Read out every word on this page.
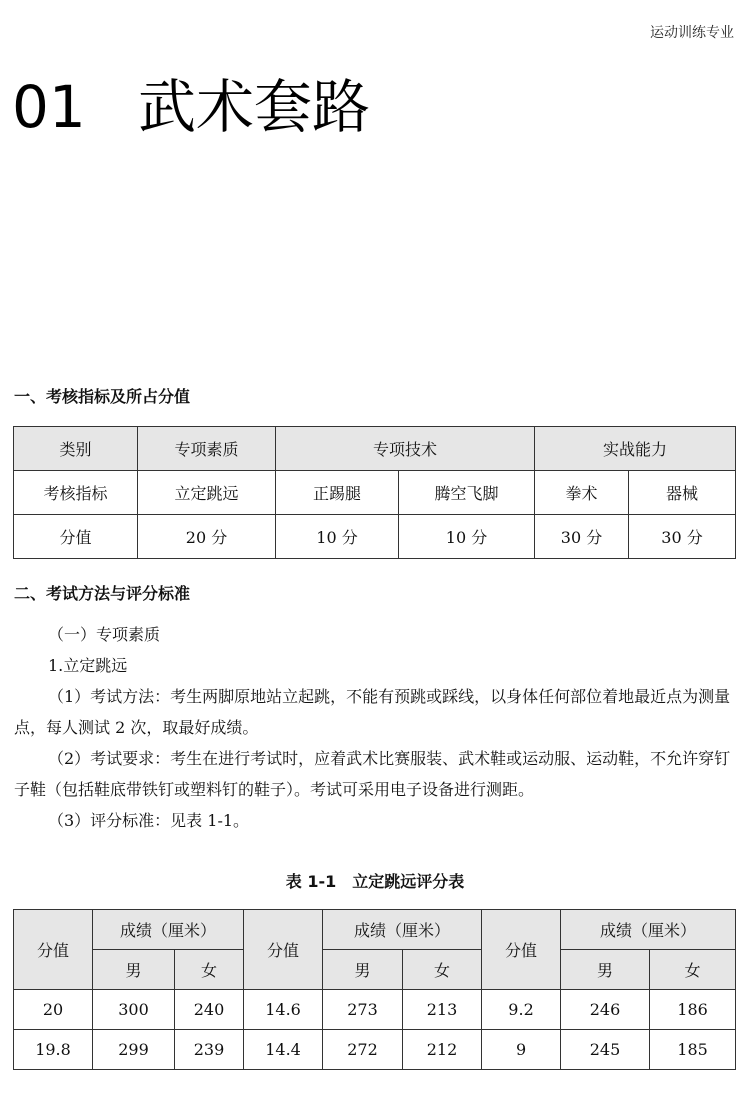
运动训练专业
01 武术套路
一、考核指标及所占分值
类别	专项素质	专项技术		实战能力	
考核指标	立定跳远	正踢腿	腾空飞脚	拳术	器械
分值	20 分	10 分	10 分	30 分	30 分
二、考试方法与评分标准

（一）专项素质

1.立定跳远

（1）考试方法：考生两脚原地站立起跳，不能有预跳或踩线，以身体任何部位着地最近点为测量点，每人测试 2 次，取最好成绩。

（2）考试要求：考生在进行考试时，应着武术比赛服装、武术鞋或运动服、运动鞋，不允许穿钉子鞋（包括鞋底带铁钉或塑料钉的鞋子）。考试可采用电子设备进行测距。

（3）评分标准：见表 1-1。

表 1-1　立定跳远评分表
分值	成绩（厘米）		分值	成绩（厘米）		分值	成绩（厘米）	
	男	女		男	女		男	女
20	300	240	14.6	273	213	9.2	246	186
19.8	299	239	14.4	272	212	9	245	185
